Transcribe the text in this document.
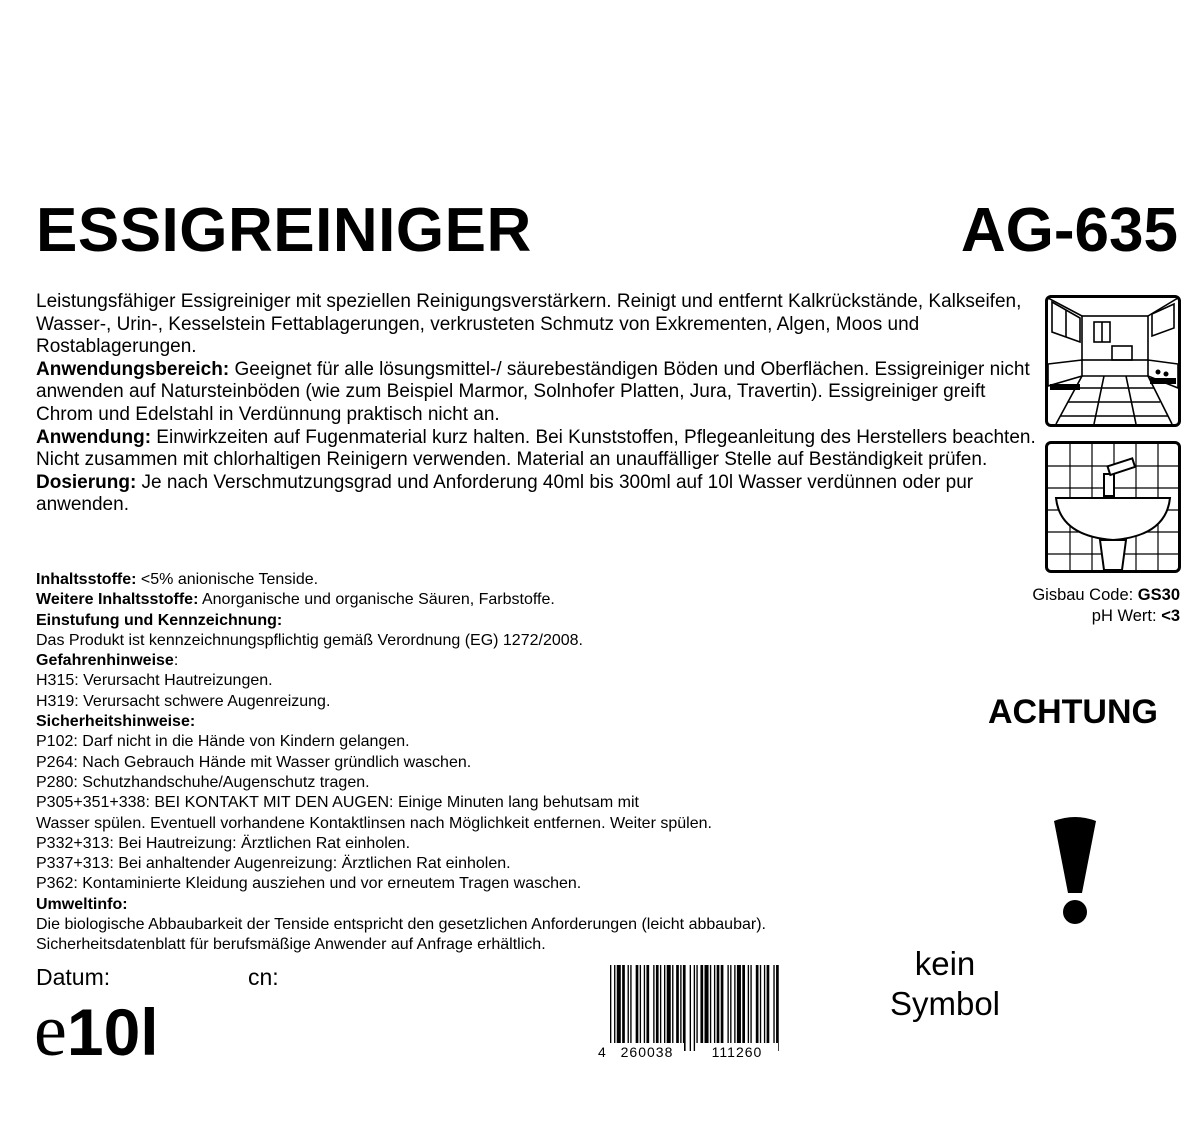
ESSIGREINIGER	AG-635

Leistungsfähiger Essigreiniger mit speziellen Reinigungsverstärkern. Reinigt und entfernt Kalkrückstände, Kalkseifen, Wasser-, Urin-, Kesselstein Fettablagerungen, verkrusteten Schmutz von Exkrementen, Algen, Moos und Rostablagerungen.

Anwendungsbereich: Geeignet für alle lösungsmittel-/ säurebeständigen Böden und Oberflächen. Essigreiniger nicht anwenden auf Natursteinböden (wie zum Beispiel Marmor, Solnhofer Platten, Jura, Travertin). Essigreiniger greift Chrom und Edelstahl in Verdünnung praktisch nicht an.

Anwendung: Einwirkzeiten auf Fugenmaterial kurz halten. Bei Kunststoffen, Pflegeanleitung des Herstellers beachten. Nicht zusammen mit chlorhaltigen Reinigern verwenden. Material an unauffälliger Stelle auf Beständigkeit prüfen.

Dosierung: Je nach Verschmutzungsgrad und Anforderung 40ml bis 300ml auf 10l Wasser verdünnen oder pur anwenden.

Gisbau Code: GS30
pH Wert: <3
Inhaltsstoffe: <5% anionische Tenside.
Weitere Inhaltsstoffe: Anorganische und organische Säuren, Farbstoffe.
Einstufung und Kennzeichnung:
Das Produkt ist kennzeichnungspflichtig gemäß Verordnung (EG) 1272/2008.
Gefahrenhinweise:
H315: Verursacht Hautreizungen.
H319: Verursacht schwere Augenreizung.
Sicherheitshinweise:
P102: Darf nicht in die Hände von Kindern gelangen.
P264: Nach Gebrauch Hände mit Wasser gründlich waschen.
P280: Schutzhandschuhe/Augenschutz tragen.
P305+351+338: BEI KONTAKT MIT DEN AUGEN: Einige Minuten lang behutsam mit
Wasser spülen. Eventuell vorhandene Kontaktlinsen nach Möglichkeit entfernen. Weiter spülen.
P332+313: Bei Hautreizung: Ärztlichen Rat einholen.
P337+313: Bei anhaltender Augenreizung: Ärztlichen Rat einholen.
P362: Kontaminierte Kleidung ausziehen und vor erneutem Tragen waschen.
Umweltinfo:
Die biologische Abbaubarkeit der Tenside entspricht den gesetzlichen Anforderungen (leicht abbaubar).
Sicherheitsdatenblatt für berufsmäßige Anwender auf Anfrage erhältlich.
ACHTUNG
Datum:	cn:
e10l	4 260038	111260
kein
Symbol
